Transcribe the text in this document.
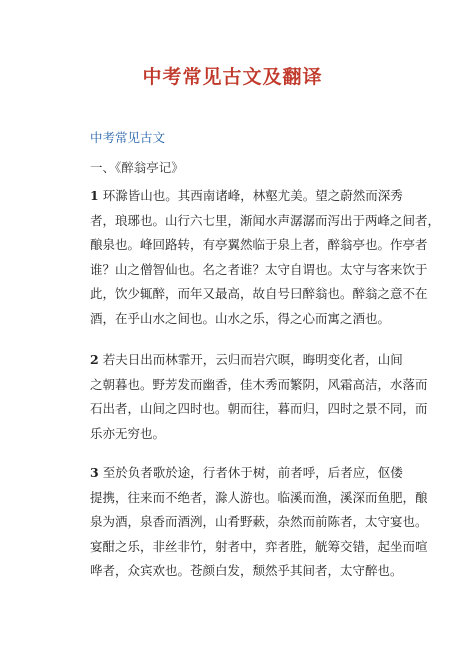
中考常见古文及翻译
中考常见古文
一、《醉翁亭记》

1 环滁皆山也。其西南诸峰，林壑尤美。望之蔚然而深秀
者，琅琊也。山行六七里，渐闻水声潺潺而泻出于两峰之间者，
酿泉也。峰回路转，有亭翼然临于泉上者，醉翁亭也。作亭者
谁？山之僧智仙也。名之者谁？太守自谓也。太守与客来饮于
此，饮少辄醉，而年又最高，故自号曰醉翁也。醉翁之意不在
酒，在乎山水之间也。山水之乐，得之心而寓之酒也。

2 若夫日出而林霏开，云归而岩穴暝，晦明变化者，山间
之朝暮也。野芳发而幽香，佳木秀而繁阴，风霜高洁，水落而
石出者，山间之四时也。朝而往，暮而归，四时之景不同，而
乐亦无穷也。

3 至於负者歌於途，行者休于树，前者呼，后者应，伛偻
提携，往来而不绝者，滁人游也。临溪而渔，溪深而鱼肥，酿
泉为酒，泉香而酒洌，山肴野蔌，杂然而前陈者，太守宴也。
宴酣之乐，非丝非竹，射者中，弈者胜，觥筹交错，起坐而喧
哗者，众宾欢也。苍颜白发，颓然乎其间者，太守醉也。
